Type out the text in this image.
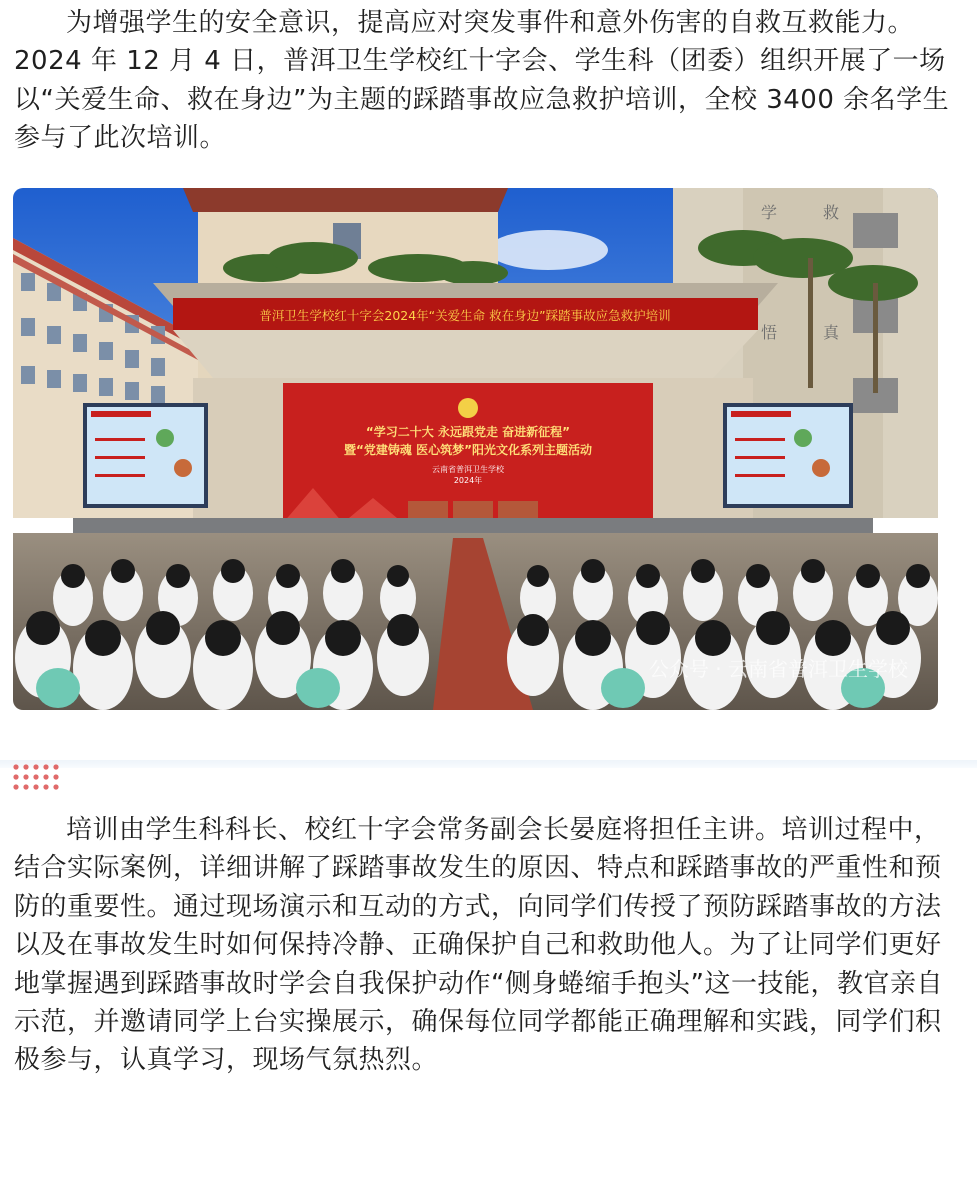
为增强学生的安全意识，提高应对突发事件和意外伤害的自救互救能力。2024 年 12 月 4 日，普洱卫生学校红十字会、学生科（团委）组织开展了一场以“关爱生命、救在身边”为主题的踩踏事故应急救护培训，全校 3400 余名学生参与了此次培训。
学	救
悟	真
普洱卫生学校红十字会2024年“关爱生命 救在身边”踩踏事故应急救护培训
“学习二十大 永远跟党走 奋进新征程”
暨“党建铸魂 医心筑梦”阳光文化系列主题活动
云南省普洱卫生学校
2024年
公众号 · 云南省普洱卫生学校
培训由学生科科长、校红十字会常务副会长晏庭将担任主讲。培训过程中，结合实际案例，详细讲解了踩踏事故发生的原因、特点和踩踏事故的严重性和预防的重要性。通过现场演示和互动的方式，向同学们传授了预防踩踏事故的方法以及在事故发生时如何保持冷静、正确保护自己和救助他人。为了让同学们更好地掌握遇到踩踏事故时学会自我保护动作“侧身蜷缩手抱头”这一技能，教官亲自示范，并邀请同学上台实操展示，确保每位同学都能正确理解和实践，同学们积极参与，认真学习，现场气氛热烈。
